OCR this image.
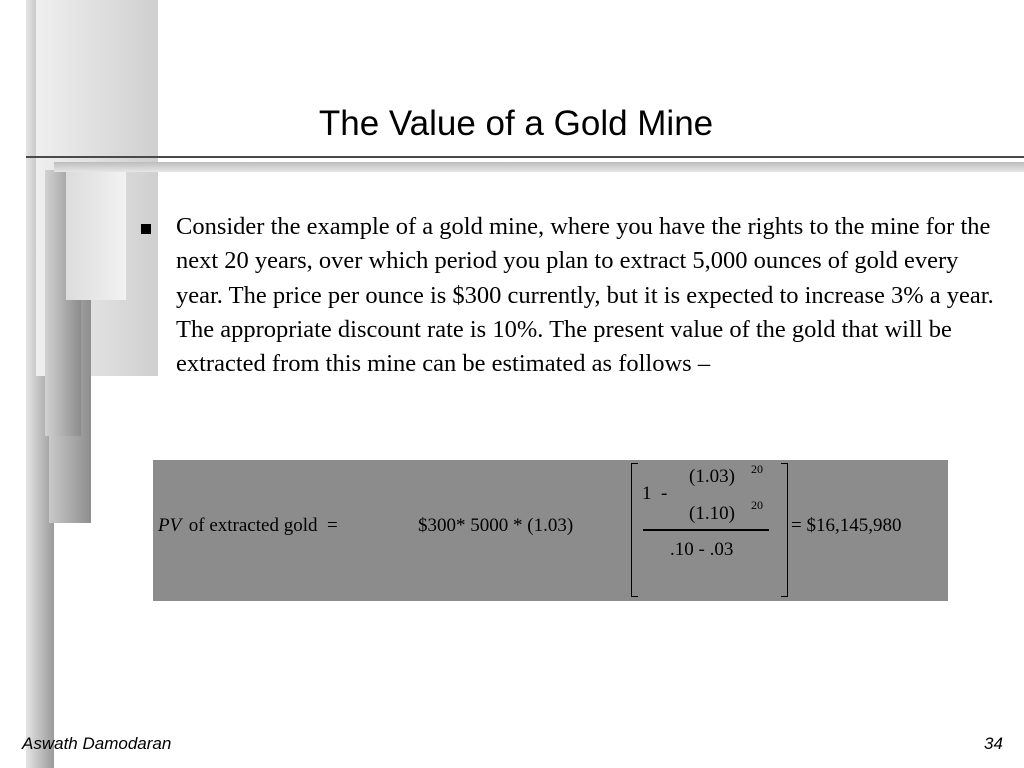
The Value of a Gold Mine
Consider the example of a gold mine, where you have the rights to the mine for the next 20 years, over which period you plan to extract 5,000 ounces of gold every year. The price per ounce is $300 currently, but it is expected to increase 3% a year. The appropriate discount rate is 10%. The present value of the gold that will be extracted from this mine can be estimated as follows –
PV of extracted gold  =	$300* 5000 * (1.03)
1  -
(1.03) 20
(1.10) 20
.10 - .03
= $16,145,980
Aswath Damodaran	34
